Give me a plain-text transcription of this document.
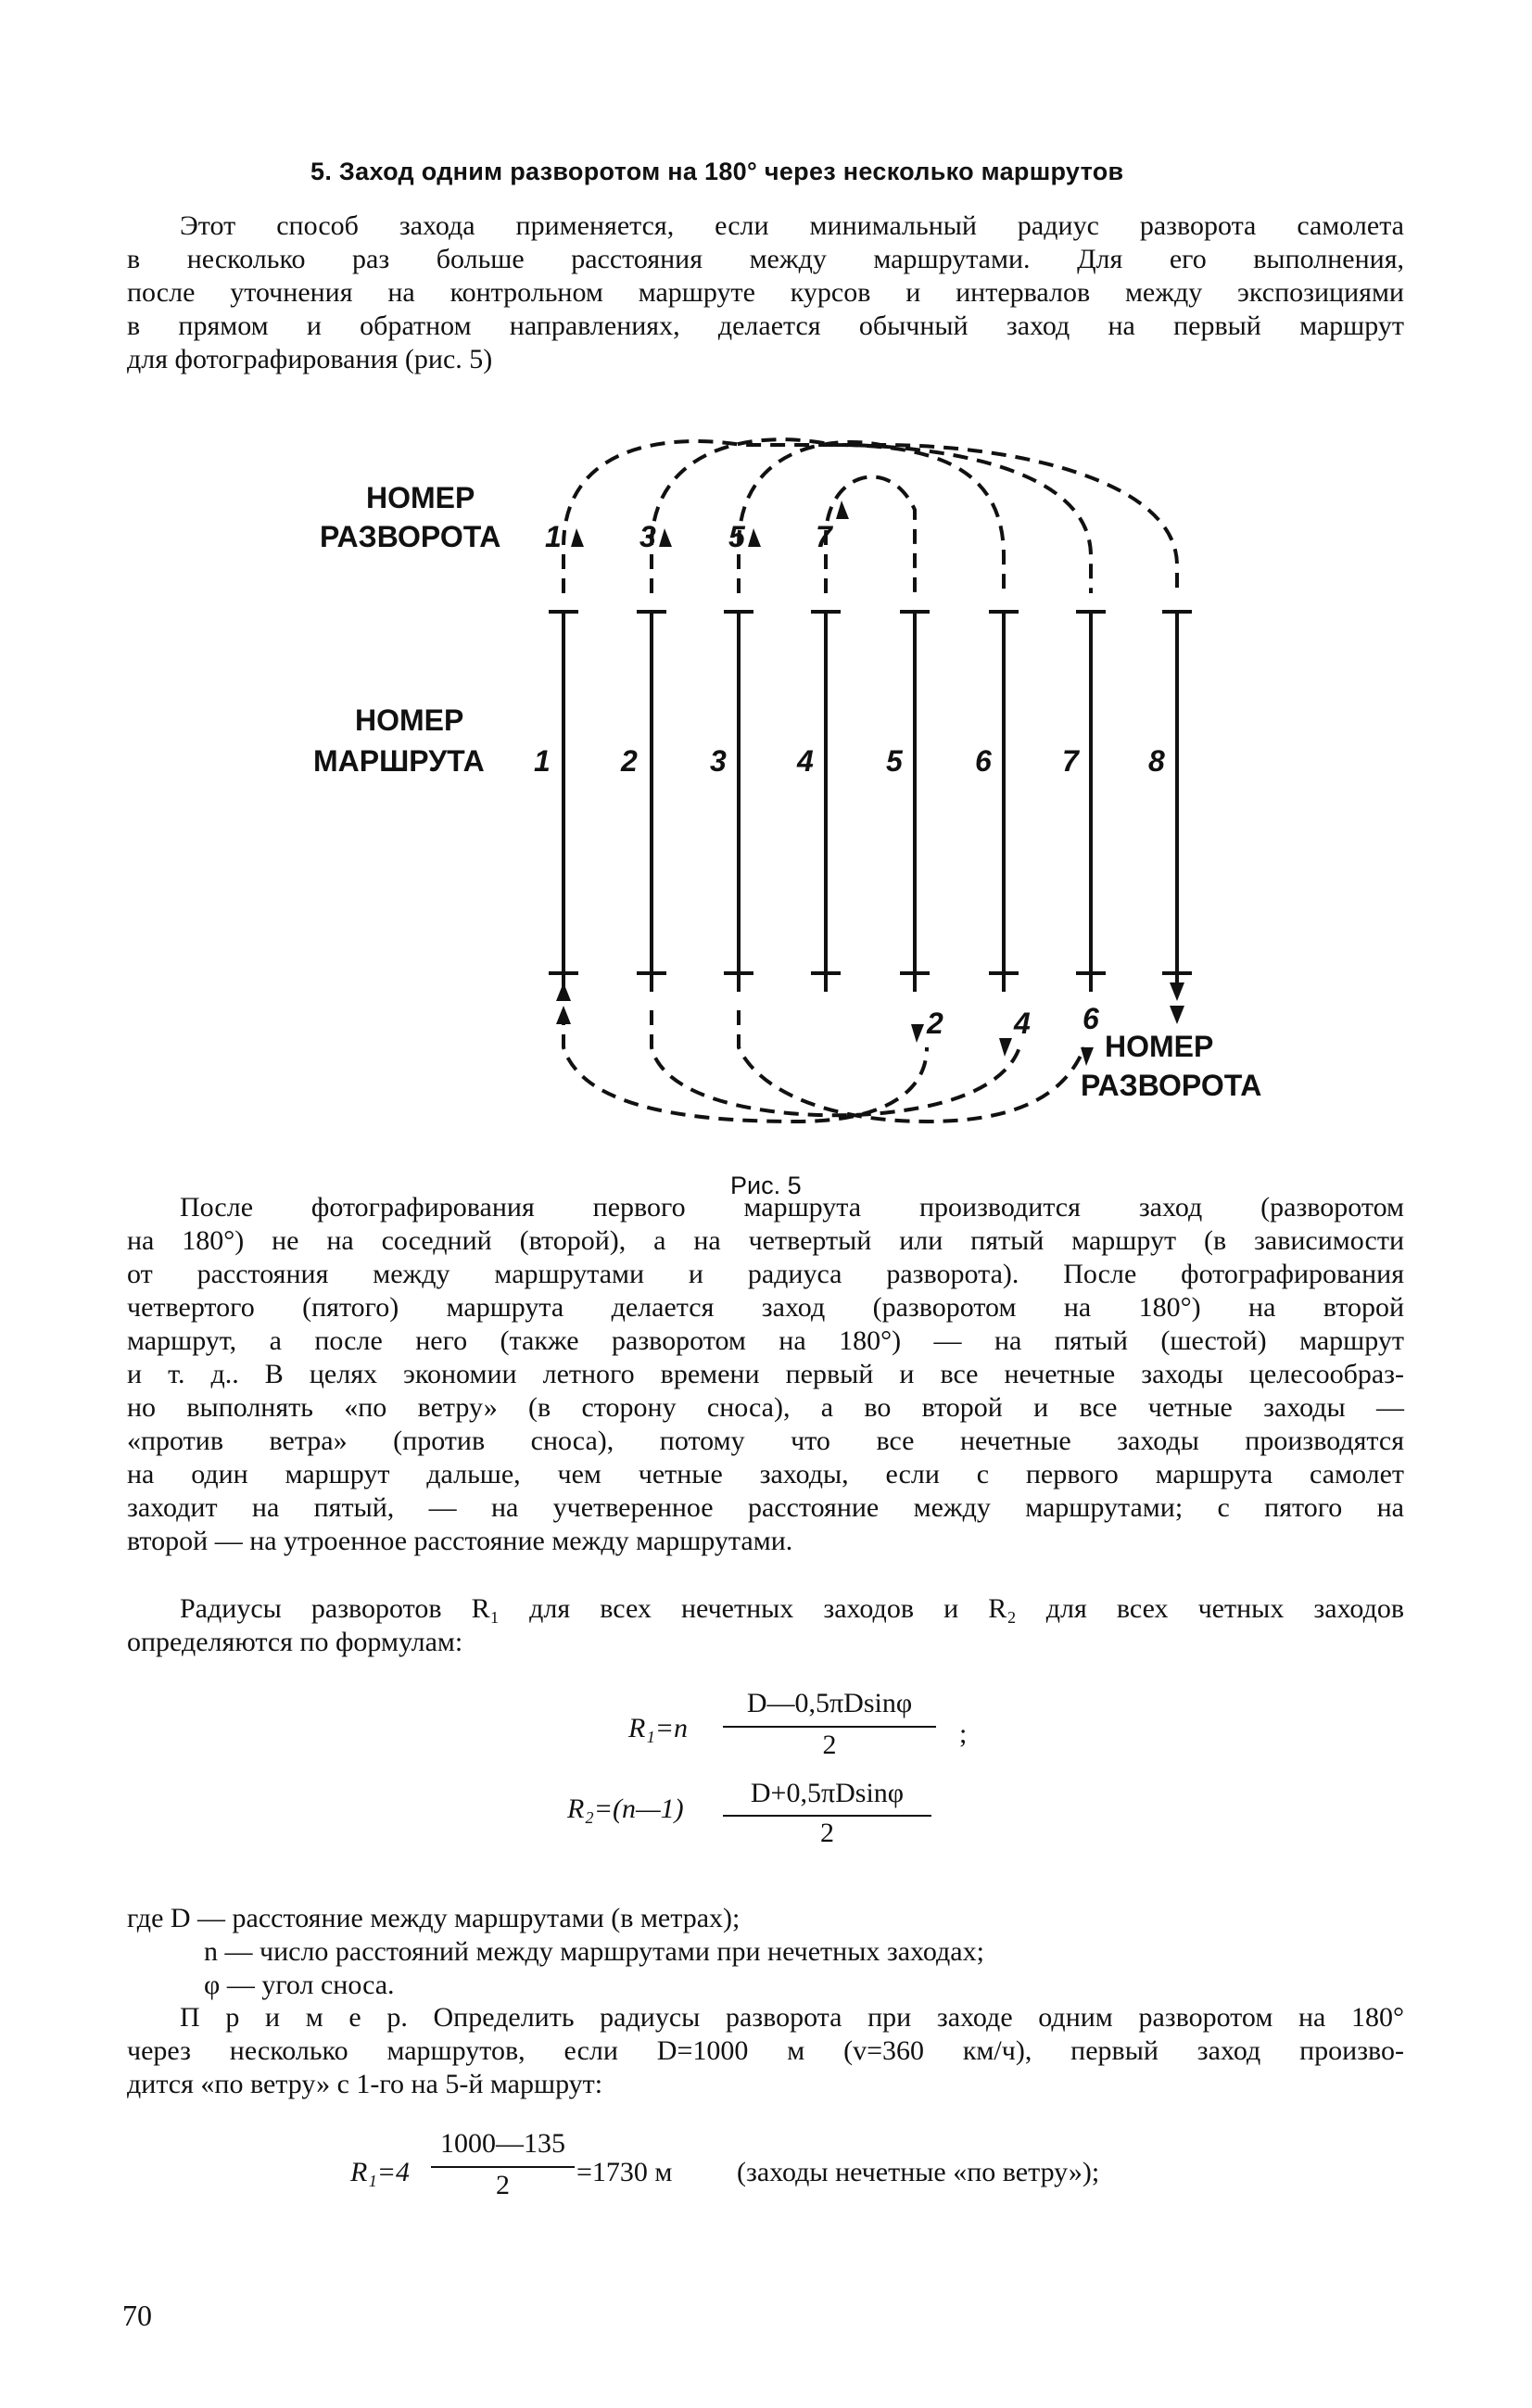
5. Заход одним разворотом на 180° через несколько маршрутов
Этот способ захода применяется, если минимальный радиус разворота самолета
в несколько раз больше расстояния между маршрутами. Для его выполнения,
после уточнения на контрольном маршруте курсов и интервалов между экспозициями
в прямом и обратном направлениях, делается обычный заход на первый маршрут
для фотографирования (рис. 5)
НОМЕР
РАЗВОРОТА
НОМЕР
МАРШРУТА
НОМЕР
РАЗВОРОТА
1	3 5 7
2 4 6
1 2 3 4 5 6 7 8
Рис. 5
После фотографирования первого маршрута производится заход (разворотом
на 180°) не на соседний (второй), а на четвертый или пятый маршрут (в зависимости
от расстояния между маршрутами и радиуса разворота). После фотографирования
четвертого (пятого) маршрута делается заход (разворотом на 180°) на второй
маршрут, а после него (также разворотом на 180°) — на пятый (шестой) маршрут
и т. д.. В целях экономии летного времени первый и все нечетные заходы целесообраз-
но выполнять «по ветру» (в сторону сноса), а во второй и все четные заходы —
«против ветра» (против сноса), потому что все нечетные заходы производятся
на один маршрут дальше, чем четные заходы, если с первого маршрута самолет
заходит на пятый, — на учетверенное расстояние между маршрутами; с пятого на
второй — на утроенное расстояние между маршрутами.
Радиусы разворотов R₁ для всех нечетных заходов и R₂ для всех четных заходов
определяются по формулам:
R₁=n
D—0,5πDsinφ
2	;
R₂=(n—1)
D+0,5πDsinφ
2
где D — расстояние между маршрутами (в метрах);
n — число расстояний между маршрутами при нечетных заходах;
φ — угол сноса.
П р и м е р. Определить радиусы разворота при заходе одним разворотом на 180°
через несколько маршрутов, если D=1000 м (v=360 км/ч), первый заход произво-
дится «по ветру» с 1-го на 5-й маршрут:
R₁=4
1000—135
2	=1730 м (заходы нечетные «по ветру»);
70
